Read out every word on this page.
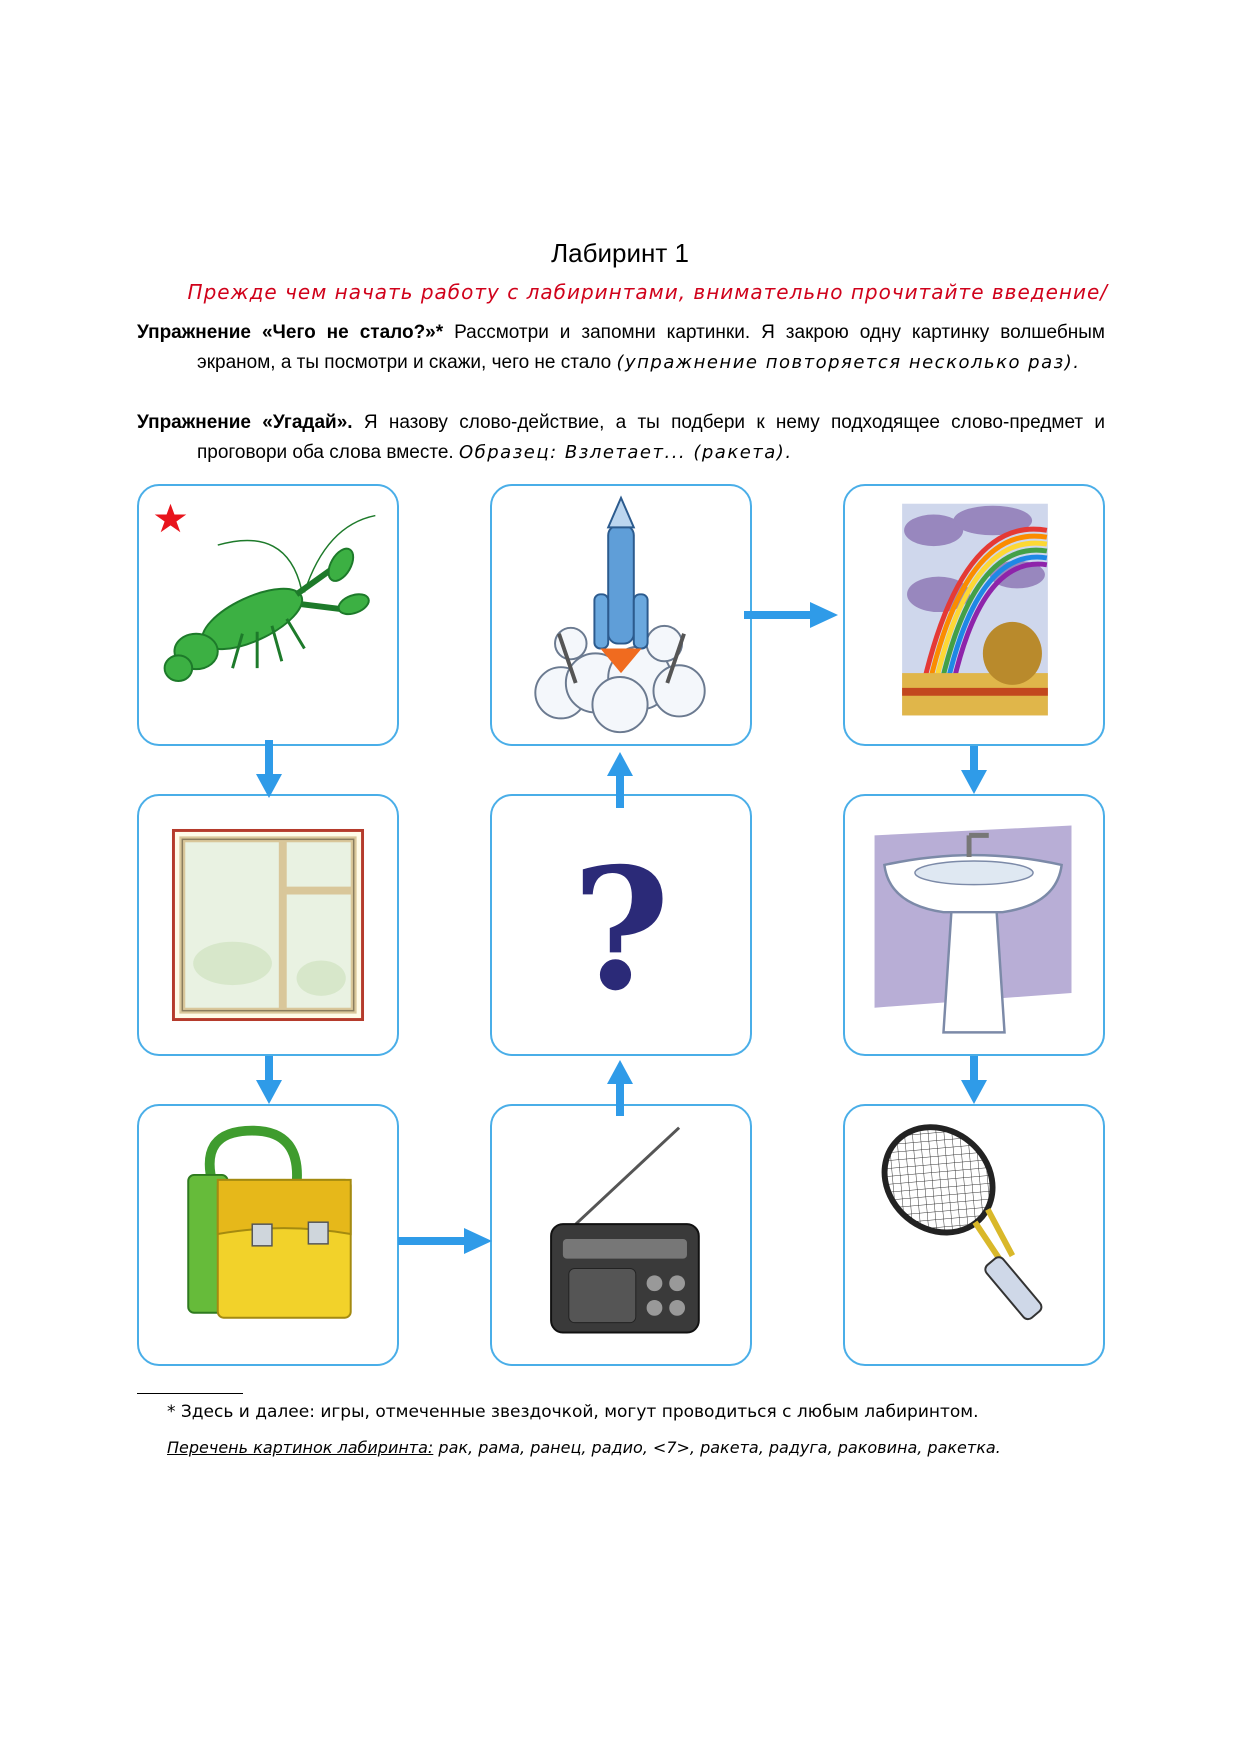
Лабиринт 1
Прежде чем начать работу с лабиринтами, внимательно прочитайте введение/
Упражнение «Чего не стало?»* Рассмотри и запомни картинки. Я закрою одну картинку волшебным экраном, а ты посмотри и скажи, чего не стало (упражнение повторяется несколько раз).
Упражнение «Угадай». Я назову слово-действие, а ты подбери к нему подходящее слово-предмет и проговори оба слова вместе. Образец: Взлетает... (ракета).
?
* Здесь и далее: игры, отмеченные звездочкой, могут проводиться с любым лабиринтом.
Перечень картинок лабиринта: рак, рама, ранец, радио, <7>, ракета, радуга, раковина, ракетка.
